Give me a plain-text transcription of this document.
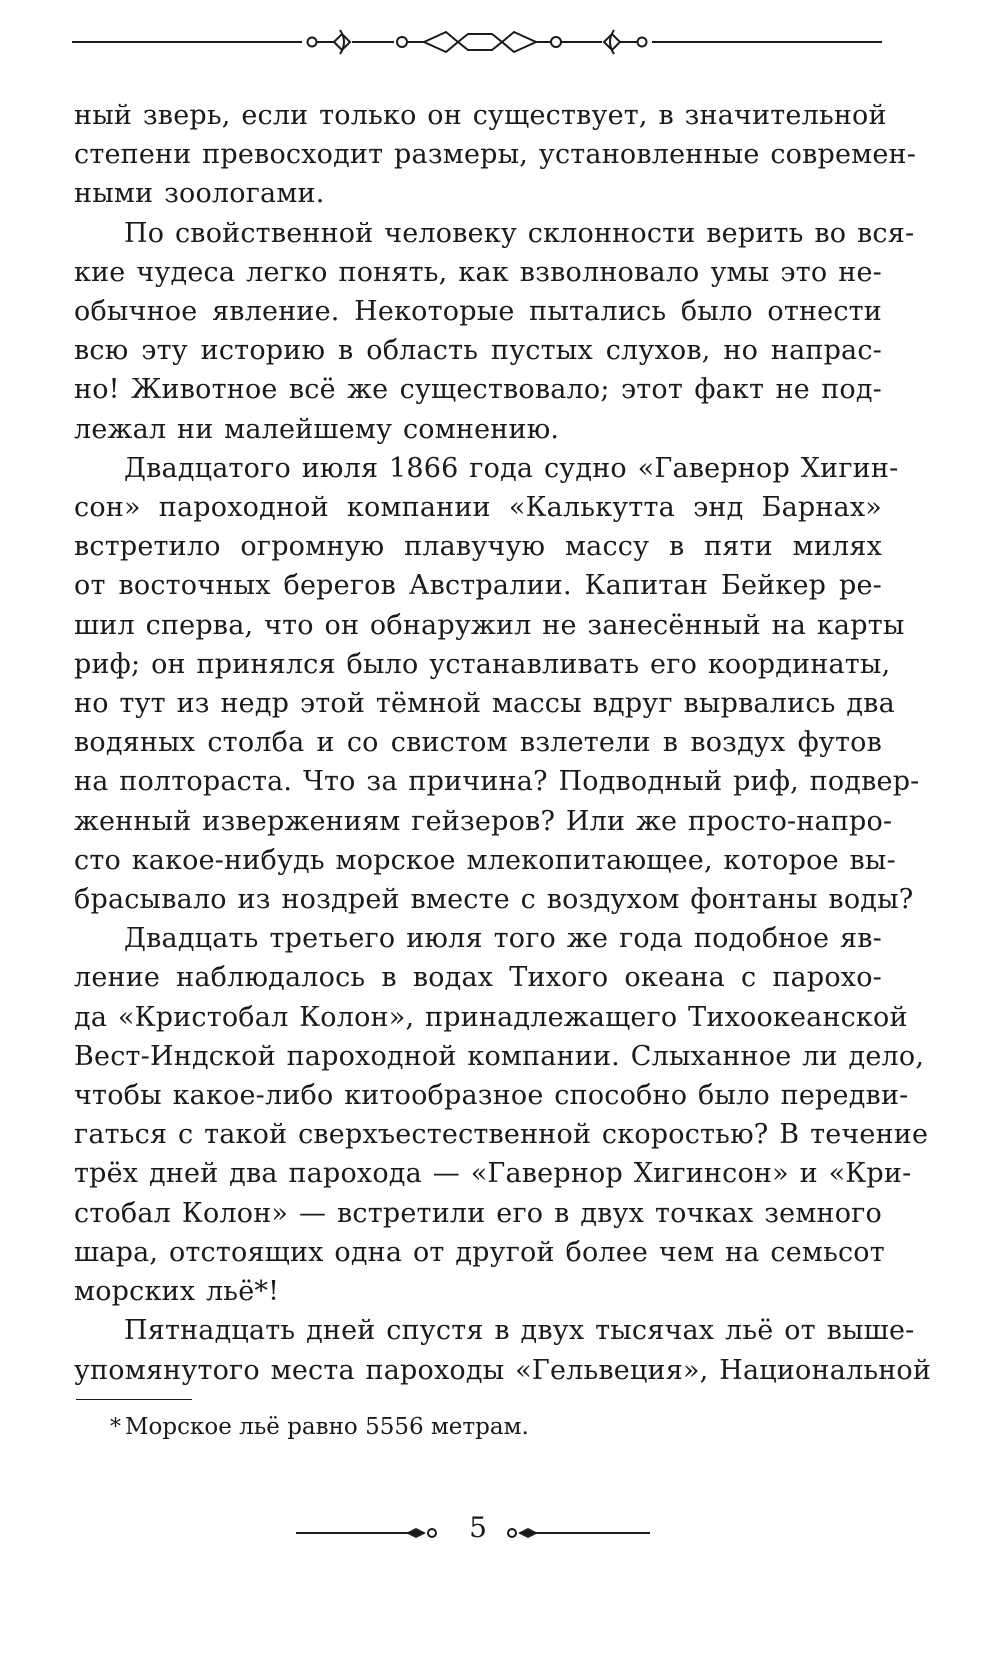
ный зверь, если только он существует, в значительной
степени превосходит размеры, установленные современ-
ными зоологами.

По свойственной человеку склонности верить во вся-
кие чудеса легко понять, как взволновало умы это не-
обычное явление. Некоторые пытались было отнести
всю эту историю в область пустых слухов, но напрас-
но! Животное всё же существовало; этот факт не под-
лежал ни малейшему сомнению.

Двадцатого июля 1866 года судно «Гавернор Хигин-
сон» пароходной компании «Калькутта энд Барнах»
встретило огромную плавучую массу в пяти милях
от восточных берегов Австралии. Капитан Бейкер ре-
шил сперва, что он обнаружил не занесённый на карты
риф; он принялся было устанавливать его координаты,
но тут из недр этой тёмной массы вдруг вырвались два
водяных столба и со свистом взлетели в воздух футов
на полтораста. Что за причина? Подводный риф, подвер-
женный извержениям гейзеров? Или же просто-напро-
сто какое-нибудь морское млекопитающее, которое вы-
брасывало из ноздрей вместе с воздухом фонтаны воды?

Двадцать третьего июля того же года подобное яв-
ление наблюдалось в водах Тихого океана с парохо-
да «Кристобал Колон», принадлежащего Тихоокеанской
Вест-Индской пароходной компании. Слыханное ли дело,
чтобы какое-либо китообразное способно было передви-
гаться с такой сверхъестественной скоростью? В течение
трёх дней два парохода — «Гавернор Хигинсон» и «Кри-
стобал Колон» — встретили его в двух точках земного
шара, отстоящих одна от другой более чем на семьсот
морских льё*!

Пятнадцать дней спустя в двух тысячах льё от выше-
упомянутого места пароходы «Гельвеция», Национальной

* Морское льё равно 5556 метрам.
5
